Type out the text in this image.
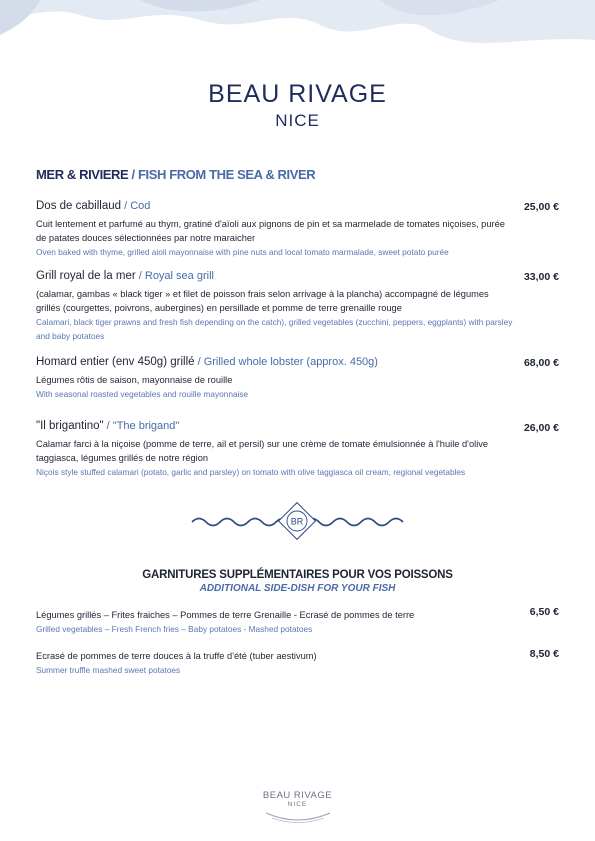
BEAU RIVAGE
NICE
MER & RIVIERE / FISH FROM THE SEA & RIVER
Dos de cabillaud / Cod
Cuit lentement et parfumé au thym, gratiné d'aïoli aux pignons de pin et sa marmelade de tomates niçoises, purée de patates douces sélectionnées par notre maraicher
Oven baked with thyme, grilled aioli mayonnaise with pine nuts and local tomato marmalade, sweet potato purée
25,00 €
Grill royal de la mer / Royal sea grill
(calamar, gambas « black tiger » et filet de poisson frais selon arrivage à la plancha) accompagné de légumes grillés (courgettes, poivrons, aubergines) en persillade et pomme de terre grenaille rouge
Calamari, black tiger prawns and fresh fish depending on the catch), grilled vegetables (zucchini, peppers, eggplants) with parsley and baby potatoes
33,00 €
Homard entier (env 450g) grillé / Grilled whole lobster (approx. 450g)
Légumes rôtis de saison, mayonnaise de rouille
With seasonal roasted vegetables and rouille mayonnaise
68,00 €
"Il brigantino" / "The brigand"
Calamar farci à la niçoise (pomme de terre, ail et persil) sur une crème de tomate émulsionnée à l'huile d'olive taggiasca, légumes grillés de notre région
Niçois style stuffed calamari (potato, garlic and parsley) on tomato with olive taggiasca oil cream, regional vegetables
26,00 €
BR
GARNITURES SUPPLÉMENTAIRES POUR VOS POISSONS
ADDITIONAL SIDE-DISH FOR YOUR FISH
Légumes grillés – Frites fraiches – Pommes de terre Grenaille - Ecrasé de pommes de terre
Grilled vegetables – Fresh French fries – Baby potatoes - Mashed potatoes
6,50 €
Ecrasé de pommes de terre douces à la truffe d'été (tuber aestivum)
Summer truffle mashed sweet potatoes
8,50 €
BEAU RIVAGE
NICE
